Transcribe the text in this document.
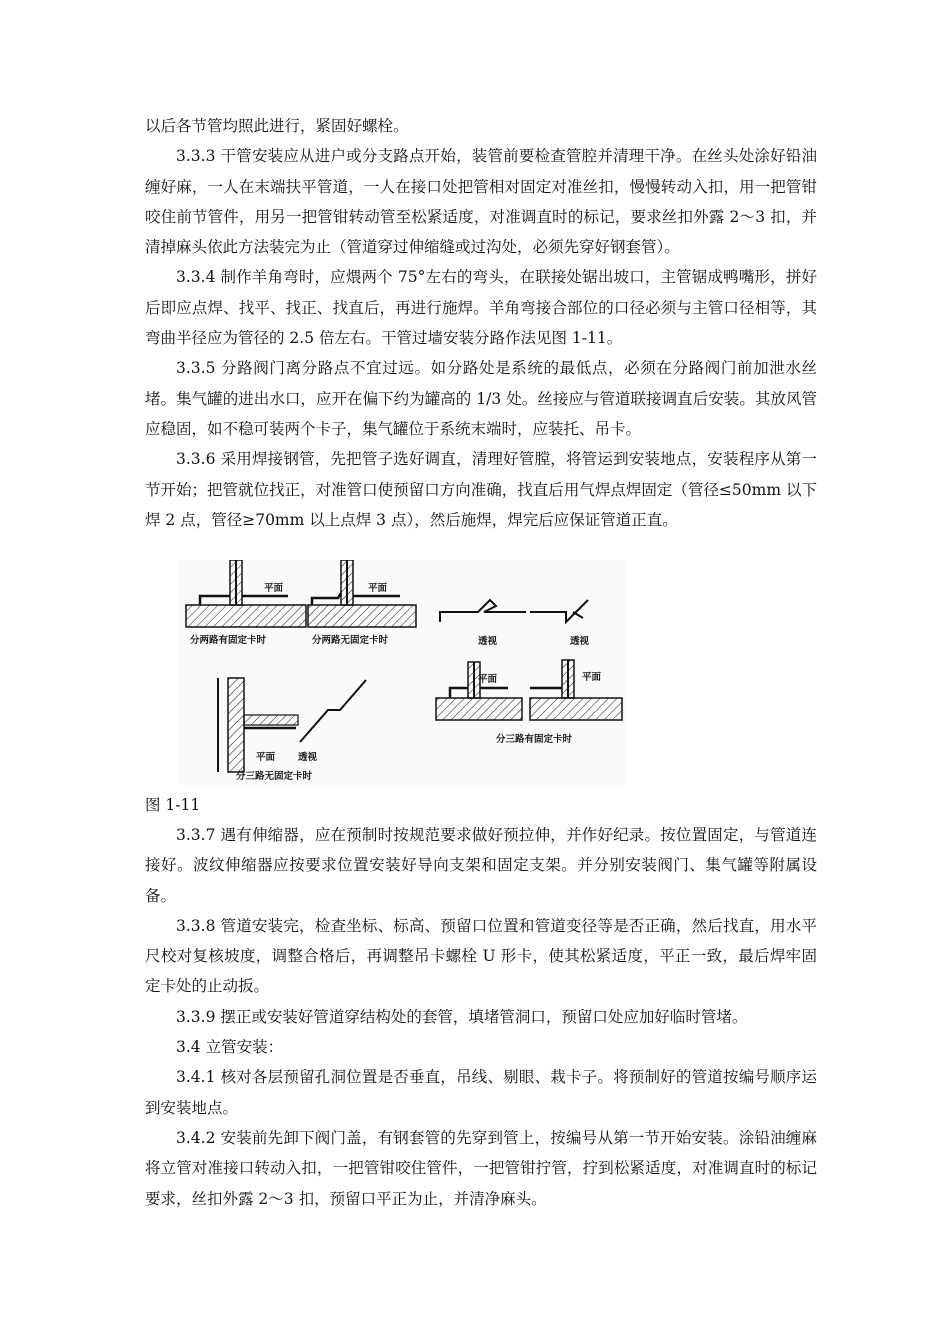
以后各节管均照此进行，紧固好螺栓。

3.3.3 干管安装应从进户或分支路点开始，装管前要检查管腔并清理干净。在丝头处涂好铅油缠好麻，一人在末端扶平管道，一人在接口处把管相对固定对准丝扣，慢慢转动入扣，用一把管钳咬住前节管件，用另一把管钳转动管至松紧适度，对准调直时的标记，要求丝扣外露 2～3 扣，并清掉麻头依此方法装完为止（管道穿过伸缩缝或过沟处，必须先穿好钢套管）。

3.3.4 制作羊角弯时，应煨两个 75°左右的弯头，在联接处锯出坡口，主管锯成鸭嘴形，拼好后即应点焊、找平、找正、找直后，再进行施焊。羊角弯接合部位的口径必须与主管口径相等，其弯曲半径应为管径的 2.5 倍左右。干管过墙安装分路作法见图 1-11。

3.3.5 分路阀门离分路点不宜过远。如分路处是系统的最低点，必须在分路阀门前加泄水丝堵。集气罐的进出水口，应开在偏下约为罐高的 1/3 处。丝接应与管道联接调直后安装。其放风管应稳固，如不稳可装两个卡子，集气罐位于系统末端时，应装托、吊卡。

3.3.6 采用焊接钢管，先把管子选好调直，清理好管膛，将管运到安装地点，安装程序从第一节开始；把管就位找正，对准管口使预留口方向准确，找直后用气焊点焊固定（管径≤50mm 以下焊 2 点，管径≥70mm 以上点焊 3 点），然后施焊，焊完后应保证管道正直。

平面
分两路有固定卡时
平面
分两路无固定卡时	透视	透视
平面 透视
分三路无固定卡时
平面	平面
分三路有固定卡时
图 1-11

3.3.7 遇有伸缩器，应在预制时按规范要求做好预拉伸，并作好纪录。按位置固定，与管道连接好。波纹伸缩器应按要求位置安装好导向支架和固定支架。并分别安装阀门、集气罐等附属设备。

3.3.8 管道安装完，检查坐标、标高、预留口位置和管道变径等是否正确，然后找直，用水平尺校对复核坡度，调整合格后，再调整吊卡螺栓 U 形卡，使其松紧适度，平正一致，最后焊牢固定卡处的止动扳。

3.3.9 摆正或安装好管道穿结构处的套管，填堵管洞口，预留口处应加好临时管堵。

3.4 立管安装：

3.4.1 核对各层预留孔洞位置是否垂直，吊线、剔眼、栽卡子。将预制好的管道按编号顺序运到安装地点。

3.4.2 安装前先卸下阀门盖，有钢套管的先穿到管上，按编号从第一节开始安装。涂铅油缠麻将立管对准接口转动入扣，一把管钳咬住管件，一把管钳拧管，拧到松紧适度，对准调直时的标记要求，丝扣外露 2～3 扣，预留口平正为止，并清净麻头。
